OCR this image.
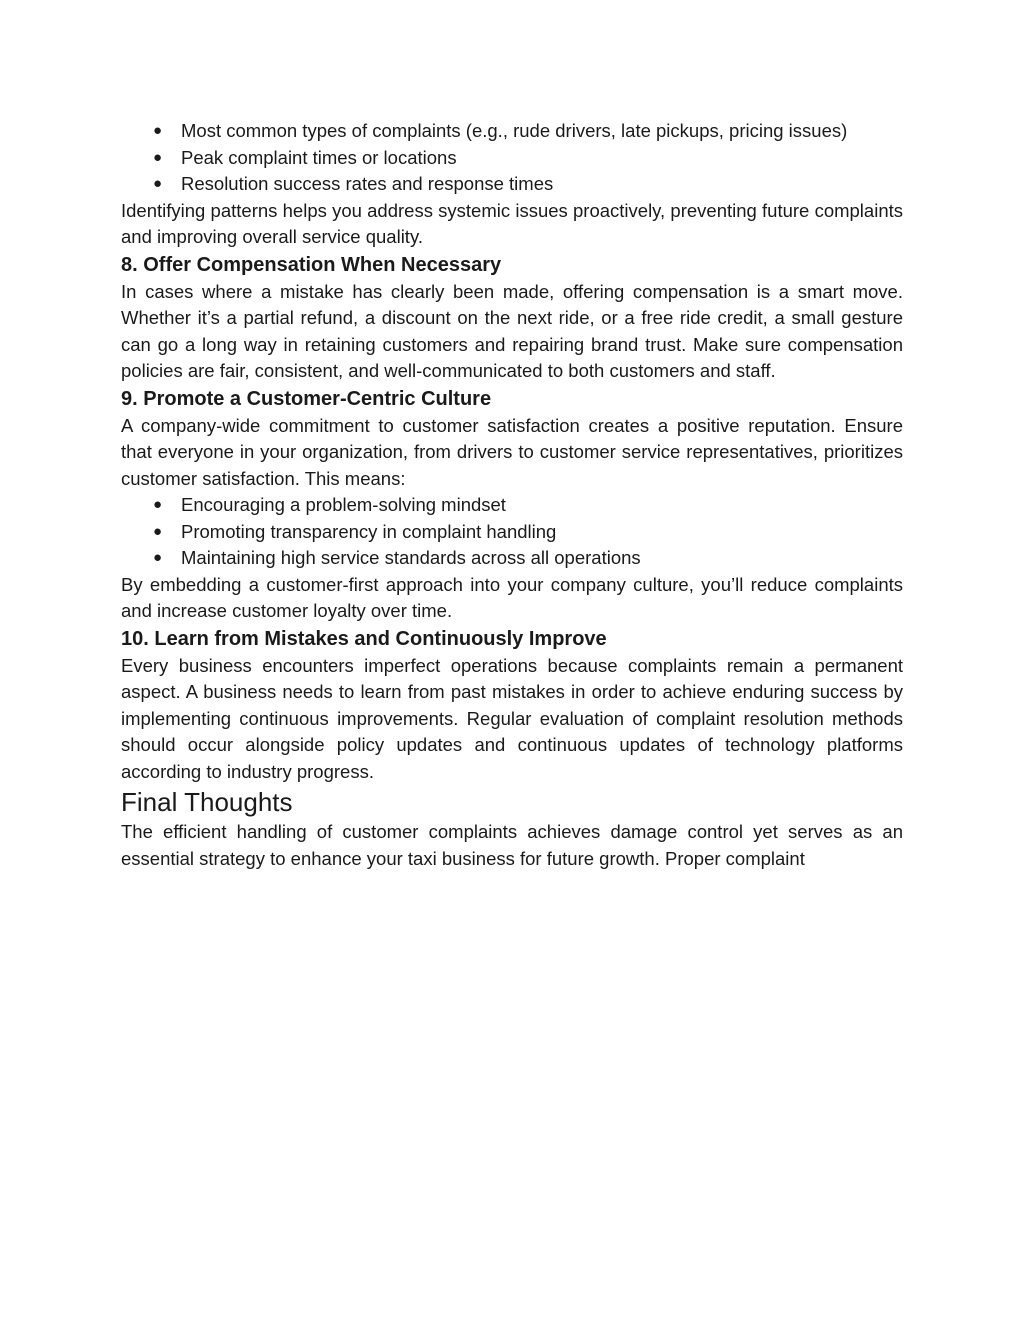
● Most common types of complaints (e.g., rude drivers, late pickups, pricing issues)
● Peak complaint times or locations
● Resolution success rates and response times

Identifying patterns helps you address systemic issues proactively, preventing future complaints and improving overall service quality.

8. Offer Compensation When Necessary

In cases where a mistake has clearly been made, offering compensation is a smart move. Whether it’s a partial refund, a discount on the next ride, or a free ride credit, a small gesture can go a long way in retaining customers and repairing brand trust. Make sure compensation policies are fair, consistent, and well-communicated to both customers and staff.

9. Promote a Customer-Centric Culture

A company-wide commitment to customer satisfaction creates a positive reputation. Ensure that everyone in your organization, from drivers to customer service representatives, prioritizes customer satisfaction. This means:

● Encouraging a problem-solving mindset
● Promoting transparency in complaint handling
● Maintaining high service standards across all operations

By embedding a customer-first approach into your company culture, you’ll reduce complaints and increase customer loyalty over time.

10. Learn from Mistakes and Continuously Improve

Every business encounters imperfect operations because complaints remain a permanent aspect. A business needs to learn from past mistakes in order to achieve enduring success by implementing continuous improvements. Regular evaluation of complaint resolution methods should occur alongside policy updates and continuous updates of technology platforms according to industry progress.

Final Thoughts

The efficient handling of customer complaints achieves damage control yet serves as an essential strategy to enhance your taxi business for future growth. Proper complaint
